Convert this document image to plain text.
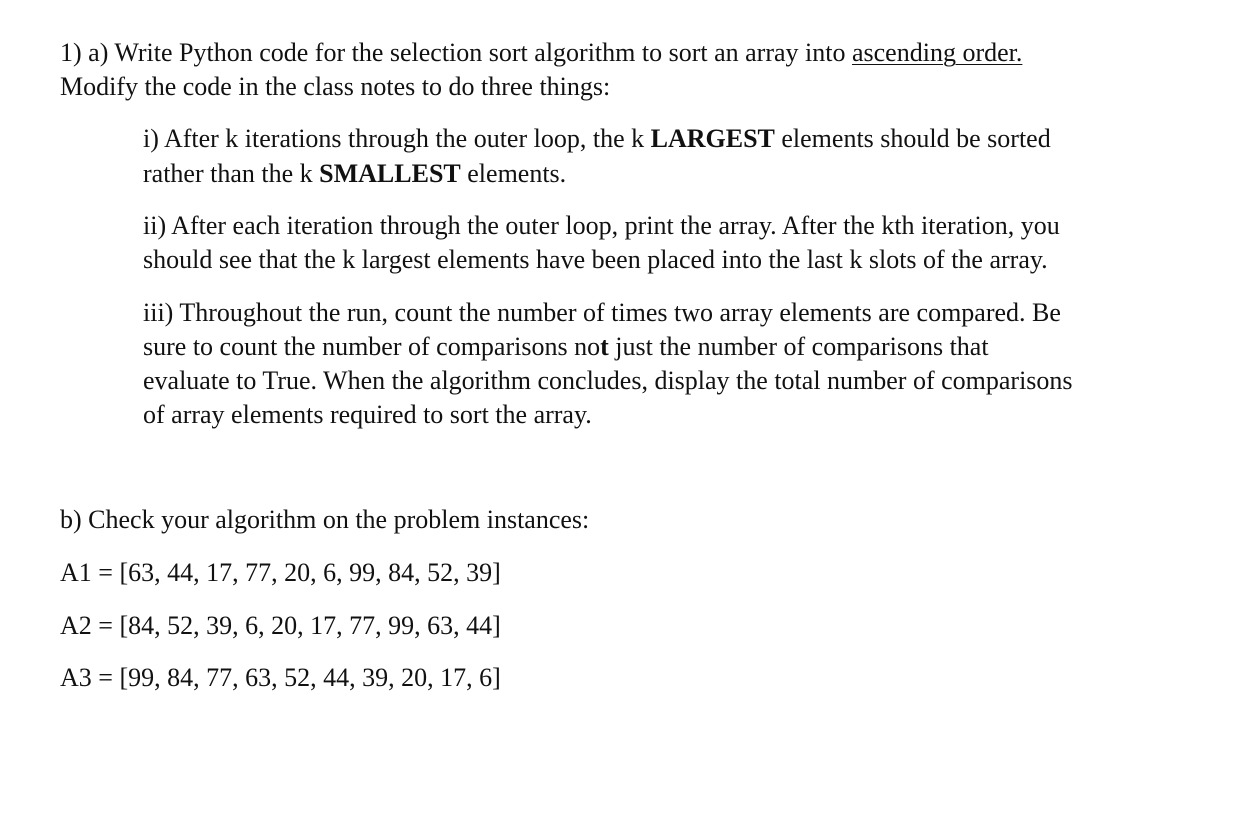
1) a) Write Python code for the selection sort algorithm to sort an array into ascending order.
Modify the code in the class notes to do three things:
i) After k iterations through the outer loop, the k LARGEST elements should be sorted
rather than the k SMALLEST elements.
ii) After each iteration through the outer loop, print the array. After the kth iteration, you
should see that the k largest elements have been placed into the last k slots of the array.
iii) Throughout the run, count the number of times two array elements are compared. Be
sure to count the number of comparisons not just the number of comparisons that
evaluate to True. When the algorithm concludes, display the total number of comparisons
of array elements required to sort the array.
b) Check your algorithm on the problem instances:
A1 = [63, 44, 17, 77, 20, 6, 99, 84, 52, 39]
A2 = [84, 52, 39, 6, 20, 17, 77, 99, 63, 44]
A3 = [99, 84, 77, 63, 52, 44, 39, 20, 17, 6]
